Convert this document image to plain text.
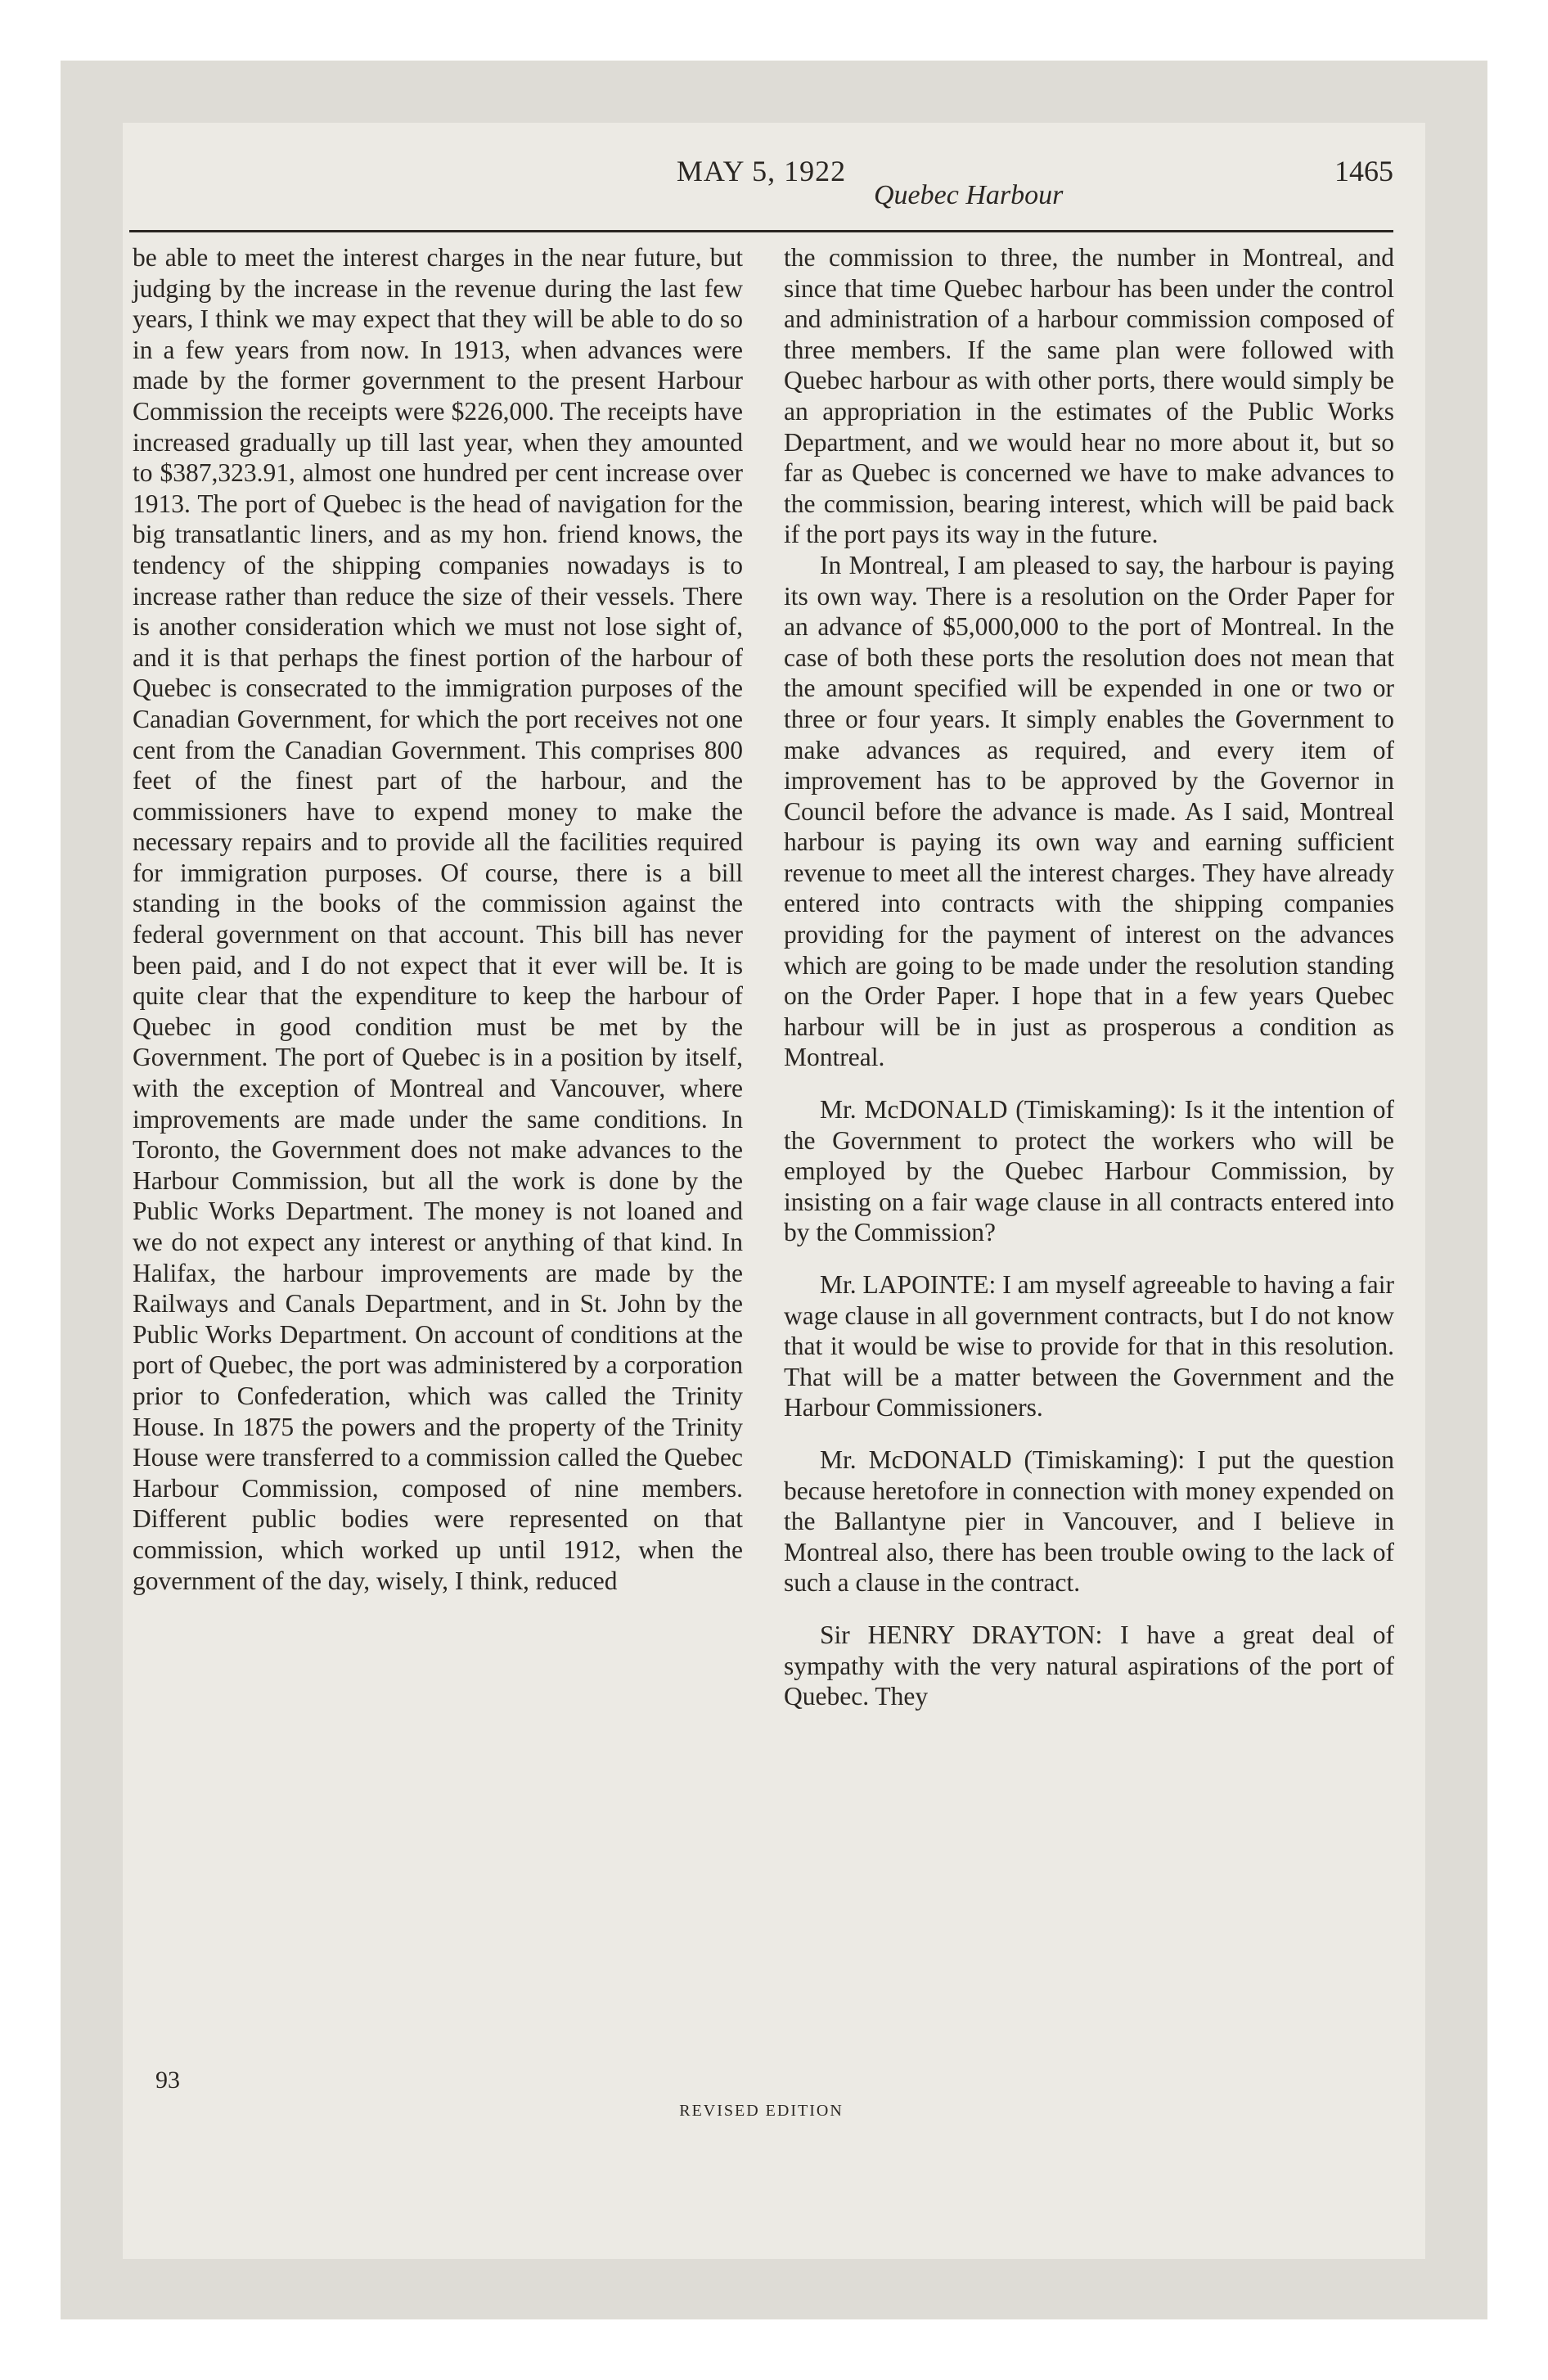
MAY 5, 1922
Quebec Harbour
1465

be able to meet the interest charges in the near future, but judging by the increase in the revenue during the last few years, I think we may expect that they will be able to do so in a few years from now. In 1913, when advances were made by the former government to the present Harbour Commission the receipts were $226,000. The receipts have increased gradually up till last year, when they amounted to $387,323.91, almost one hundred per cent increase over 1913. The port of Quebec is the head of navigation for the big transatlantic liners, and as my hon. friend knows, the tendency of the shipping companies nowadays is to increase rather than reduce the size of their vessels. There is another consideration which we must not lose sight of, and it is that perhaps the finest portion of the harbour of Quebec is consecrated to the immigration purposes of the Canadian Government, for which the port receives not one cent from the Canadian Government. This comprises 800 feet of the finest part of the harbour, and the commissioners have to expend money to make the necessary repairs and to provide all the facilities required for immigration purposes. Of course, there is a bill standing in the books of the commission against the federal government on that account. This bill has never been paid, and I do not expect that it ever will be. It is quite clear that the expenditure to keep the harbour of Quebec in good condition must be met by the Government. The port of Quebec is in a position by itself, with the exception of Montreal and Vancouver, where improvements are made under the same conditions. In Toronto, the Government does not make advances to the Harbour Commission, but all the work is done by the Public Works Department. The money is not loaned and we do not expect any interest or anything of that kind. In Halifax, the harbour improvements are made by the Railways and Canals Department, and in St. John by the Public Works Department. On account of conditions at the port of Quebec, the port was administered by a corporation prior to Confederation, which was called the Trinity House. In 1875 the powers and the property of the Trinity House were transferred to a commission called the Quebec Harbour Commission, composed of nine members. Different public bodies were represented on that commission, which worked up until 1912, when the government of the day, wisely, I think, reduced

the commission to three, the number in Montreal, and since that time Quebec harbour has been under the control and administration of a harbour commission composed of three members. If the same plan were followed with Quebec harbour as with other ports, there would simply be an appropriation in the estimates of the Public Works Department, and we would hear no more about it, but so far as Quebec is concerned we have to make advances to the commission, bearing interest, which will be paid back if the port pays its way in the future.

In Montreal, I am pleased to say, the harbour is paying its own way. There is a resolution on the Order Paper for an advance of $5,000,000 to the port of Montreal. In the case of both these ports the resolution does not mean that the amount specified will be expended in one or two or three or four years. It simply enables the Government to make advances as required, and every item of improvement has to be approved by the Governor in Council before the advance is made. As I said, Montreal harbour is paying its own way and earning sufficient revenue to meet all the interest charges. They have already entered into contracts with the shipping companies providing for the payment of interest on the advances which are going to be made under the resolution standing on the Order Paper. I hope that in a few years Quebec harbour will be in just as prosperous a condition as Montreal.

Mr. McDONALD (Timiskaming): Is it the intention of the Government to protect the workers who will be employed by the Quebec Harbour Commission, by insisting on a fair wage clause in all contracts entered into by the Commission?

Mr. LAPOINTE: I am myself agreeable to having a fair wage clause in all government contracts, but I do not know that it would be wise to provide for that in this resolution. That will be a matter between the Government and the Harbour Commissioners.

Mr. McDONALD (Timiskaming): I put the question because heretofore in connection with money expended on the Ballantyne pier in Vancouver, and I believe in Montreal also, there has been trouble owing to the lack of such a clause in the contract.

Sir HENRY DRAYTON: I have a great deal of sympathy with the very natural aspirations of the port of Quebec. They

93
REVISED EDITION
